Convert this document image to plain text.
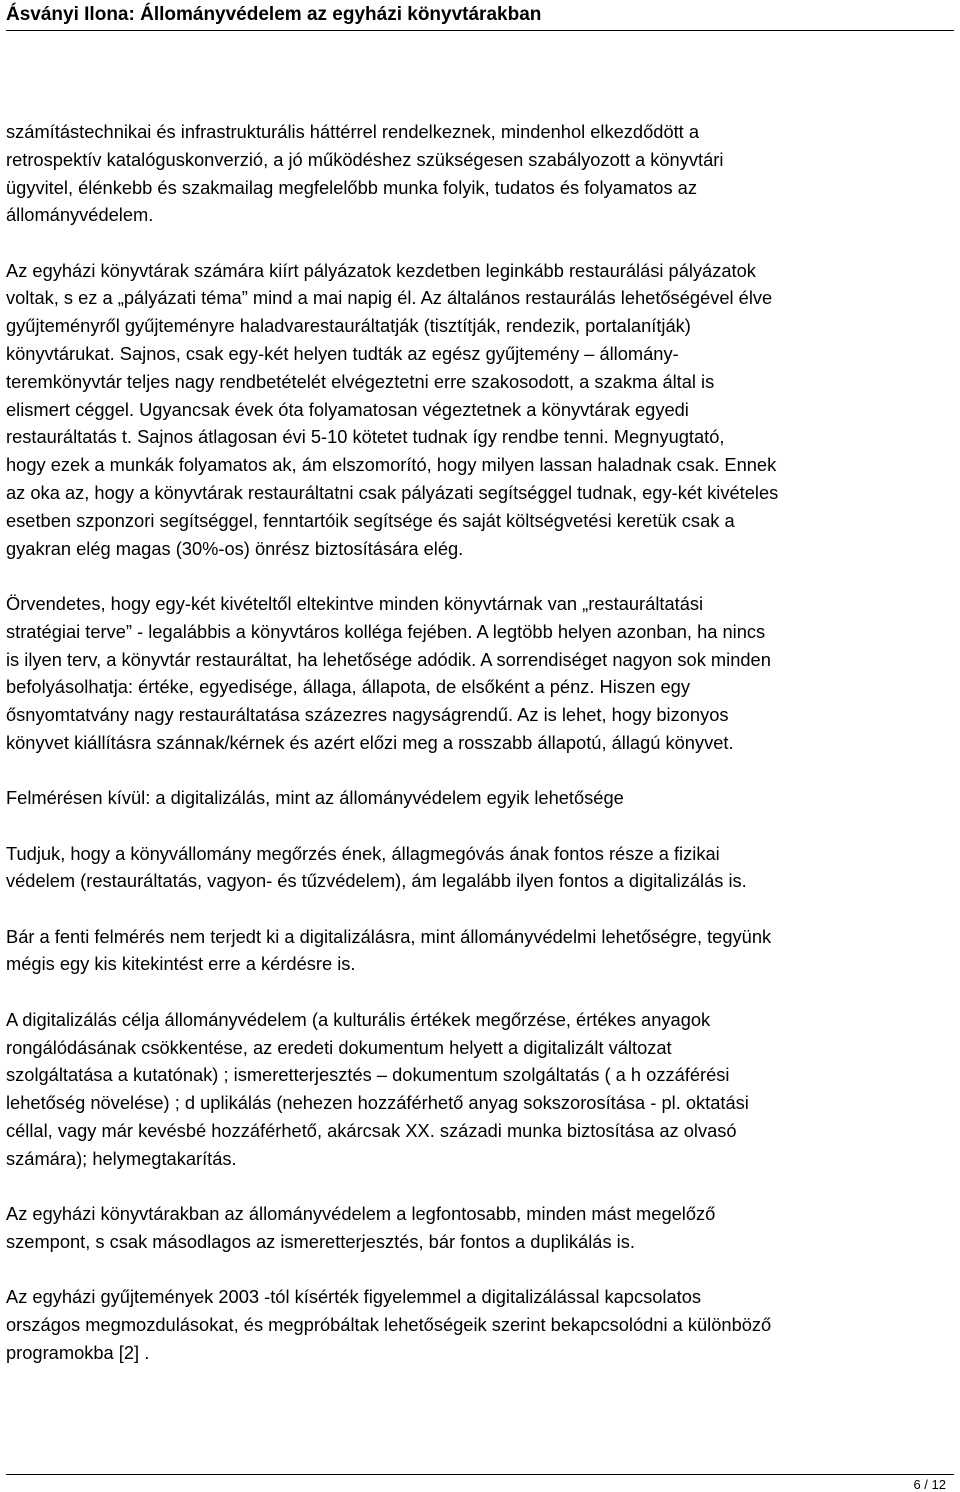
Ásványi Ilona: Állományvédelem az egyházi könyvtárakban

számítástechnikai és infrastrukturális háttérrel rendelkeznek, mindenhol elkezdődött a
retrospektív katalóguskonverzió, a jó működéshez szükségesen szabályozott a könyvtári
ügyvitel, élénkebb és szakmailag megfelelőbb munka folyik, tudatos és folyamatos az
állományvédelem.

Az egyházi könyvtárak számára kiírt pályázatok kezdetben leginkább restaurálási pályázatok
voltak, s ez a „pályázati téma” mind a mai napig él. Az általános restaurálás lehetőségével élve
gyűjteményről gyűjteményre haladvarestauráltatják (tisztítják, rendezik, portalanítják)
könyvtárukat. Sajnos, csak egy-két helyen tudták az egész gyűjtemény – állomány-
teremkönyvtár teljes nagy rendbetételét elvégeztetni erre szakosodott, a szakma által is
elismert céggel. Ugyancsak évek óta folyamatosan végeztetnek a könyvtárak egyedi
restauráltatás t. Sajnos átlagosan évi 5-10 kötetet tudnak így rendbe tenni. Megnyugtató,
hogy ezek a munkák folyamatos ak, ám elszomorító, hogy milyen lassan haladnak csak. Ennek
az oka az, hogy a könyvtárak restauráltatni csak pályázati segítséggel tudnak, egy-két kivételes
esetben szponzori segítséggel, fenntartóik segítsége és saját költségvetési keretük csak a
gyakran elég magas (30%-os) önrész biztosítására elég.

Örvendetes, hogy egy-két kivételtől eltekintve minden könyvtárnak van „restauráltatási
stratégiai terve” - legalábbis a könyvtáros kolléga fejében. A legtöbb helyen azonban, ha nincs
is ilyen terv, a könyvtár restauráltat, ha lehetősége adódik. A sorrendiséget nagyon sok minden
befolyásolhatja: értéke, egyedisége, állaga, állapota, de elsőként a pénz. Hiszen egy
ősnyomtatvány nagy restauráltatása százezres nagyságrendű. Az is lehet, hogy bizonyos
könyvet kiállításra szánnak/kérnek és azért előzi meg a rosszabb állapotú, állagú könyvet.

Felmérésen kívül: a digitalizálás, mint az állományvédelem egyik lehetősége

Tudjuk, hogy a könyvállomány megőrzés ének, állagmegóvás ának fontos része a fizikai
védelem (restauráltatás, vagyon- és tűzvédelem), ám legalább ilyen fontos a digitalizálás is.

Bár a fenti felmérés nem terjedt ki a digitalizálásra, mint állományvédelmi lehetőségre, tegyünk
mégis egy kis kitekintést erre a kérdésre is.

A digitalizálás célja állományvédelem (a kulturális értékek megőrzése, értékes anyagok
rongálódásának csökkentése, az eredeti dokumentum helyett a digitalizált változat
szolgáltatása a kutatónak) ; ismeretterjesztés – dokumentum szolgáltatás ( a h ozzáférési
lehetőség növelése) ; d uplikálás (nehezen hozzáférhető anyag sokszorosítása - pl. oktatási
céllal, vagy már kevésbé hozzáférhető, akárcsak XX. századi munka biztosítása az olvasó
számára); helymegtakarítás.

Az egyházi könyvtárakban az állományvédelem a legfontosabb, minden mást megelőző
szempont, s csak másodlagos az ismeretterjesztés, bár fontos a duplikálás is.

Az egyházi gyűjtemények 2003 -tól kísérték figyelemmel a digitalizálással kapcsolatos
országos megmozdulásokat, és megpróbáltak lehetőségeik szerint bekapcsolódni a különböző
programokba [2] .

6 / 12
